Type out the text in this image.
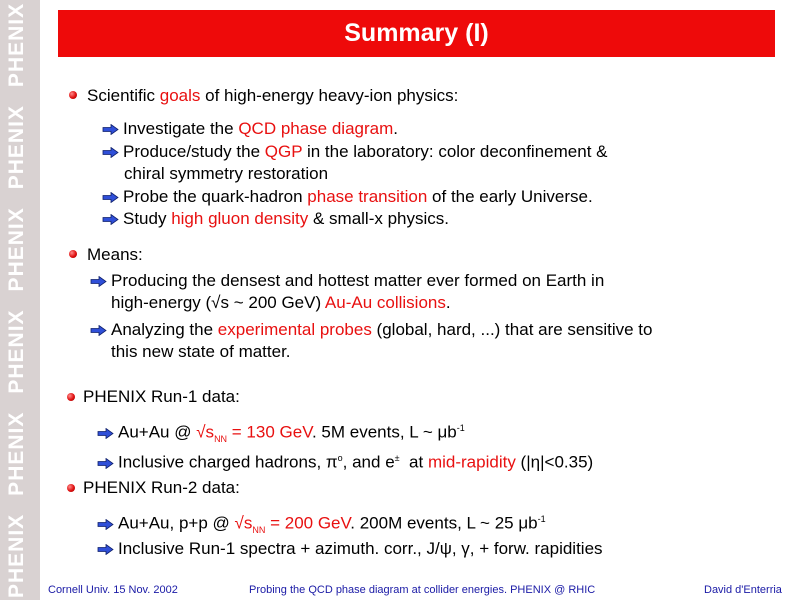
PHENIXPHENIXPHENIXPHENIXPHENIXPHENIX	Summary (I)
Scientific goals of high-energy heavy-ion physics:
Investigate the QCD phase diagram.
Produce/study the QGP in the laboratory: color deconfinement &
chiral symmetry restoration
Probe the quark-hadron phase transition of the early Universe.
Study high gluon density & small-x physics.
Means:
Producing the densest and hottest matter ever formed on Earth in
high-energy (√s ~ 200 GeV) Au-Au collisions.
Analyzing the experimental probes (global, hard, ...) that are sensitive to
this new state of matter.
PHENIX Run-1 data:
Au+Au @ $√s_{NN} = 130$ GeV. 5M events, L ~ $\mu b^{-1}$
Inclusive charged hadrons, $\pi^o$, and e±  at mid-rapidity (|η|<0.35)
PHENIX Run-2 data:
Au+Au, p+p @ $√s_{NN} = 200$ GeV. 200M events, L ~ 25 $\mu b^{-1}$
Inclusive Run-1 spectra + azimuth. corr., J/ψ, γ, + forw. rapidities
Cornell Univ. 15 Nov. 2002	Probing the QCD phase diagram at collider energies. PHENIX @ RHIC	David d'Enterria
